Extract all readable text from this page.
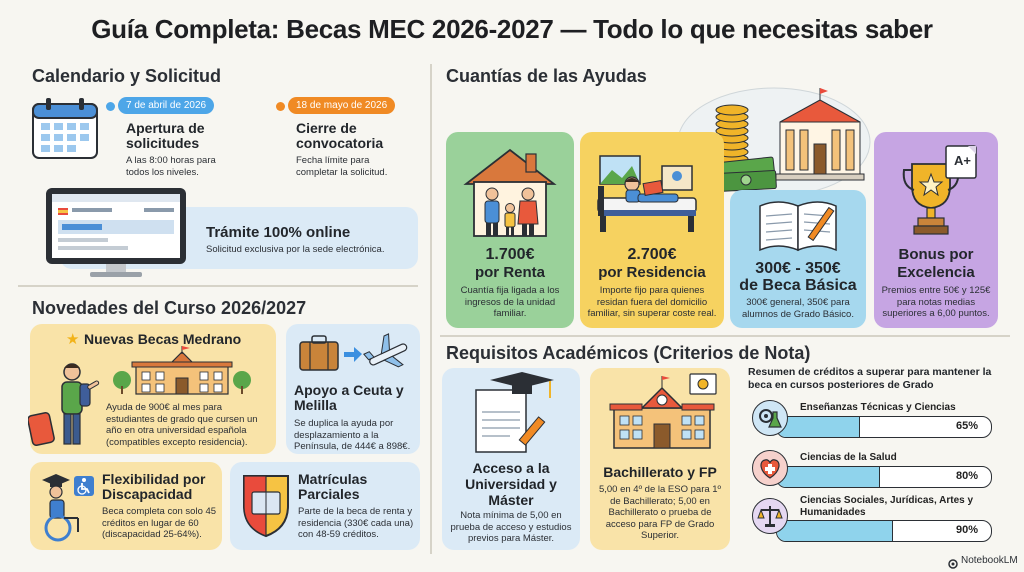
Guía Completa: Becas MEC 2026-2027 — Todo lo que necesitas saber
Calendario y Solicitud
7 de abril de 2026
Apertura de solicitudes
A las 8:00 horas para todos los niveles.
18 de mayo de 2026
Cierre de convocatoria
Fecha límite para completar la solicitud.
Trámite 100% online
Solicitud exclusiva por la sede electrónica.
Novedades del Curso 2026/2027
★ Nuevas Becas Medrano
Ayuda de 900€ al mes para estudiantes de grado que cursen un año en otra universidad española (compatibles excepto residencia).
Apoyo a Ceuta y Melilla
Se duplica la ayuda por desplazamiento a la Península, de 444€ a 898€.
Flexibilidad por Discapacidad
Beca completa con solo 45 créditos en lugar de 60 (discapacidad 25-64%).
Matrículas Parciales
Parte de la beca de renta y residencia (330€ cada una) con 48-59 créditos.
Cuantías de las Ayudas
1.700€
por Renta
Cuantía fija ligada a los ingresos de la unidad familiar.
2.700€
por Residencia
Importe fijo para quienes residan fuera del domicilio familiar, sin superar coste real.
300€ - 350€
de Beca Básica
300€ general, 350€ para alumnos de Grado Básico.
A+
Bonus por
Excelencia
Premios entre 50€ y 125€ para notas medias superiores a 6,00 puntos.
Requisitos Académicos (Criterios de Nota)
Acceso a la Universidad y Máster
Nota mínima de 5,00 en prueba de acceso y estudios previos para Máster.
Bachillerato y FP
5,00 en 4º de la ESO para 1º de Bachillerato; 5,00 en Bachillerato o prueba de acceso para FP de Grado Superior.
Resumen de créditos a superar para mantener la beca en cursos posteriores de Grado
Enseñanzas Técnicas y Ciencias
65%
Ciencias de la Salud
80%
Ciencias Sociales, Jurídicas, Artes y Humanidades
90%
NotebookLM
